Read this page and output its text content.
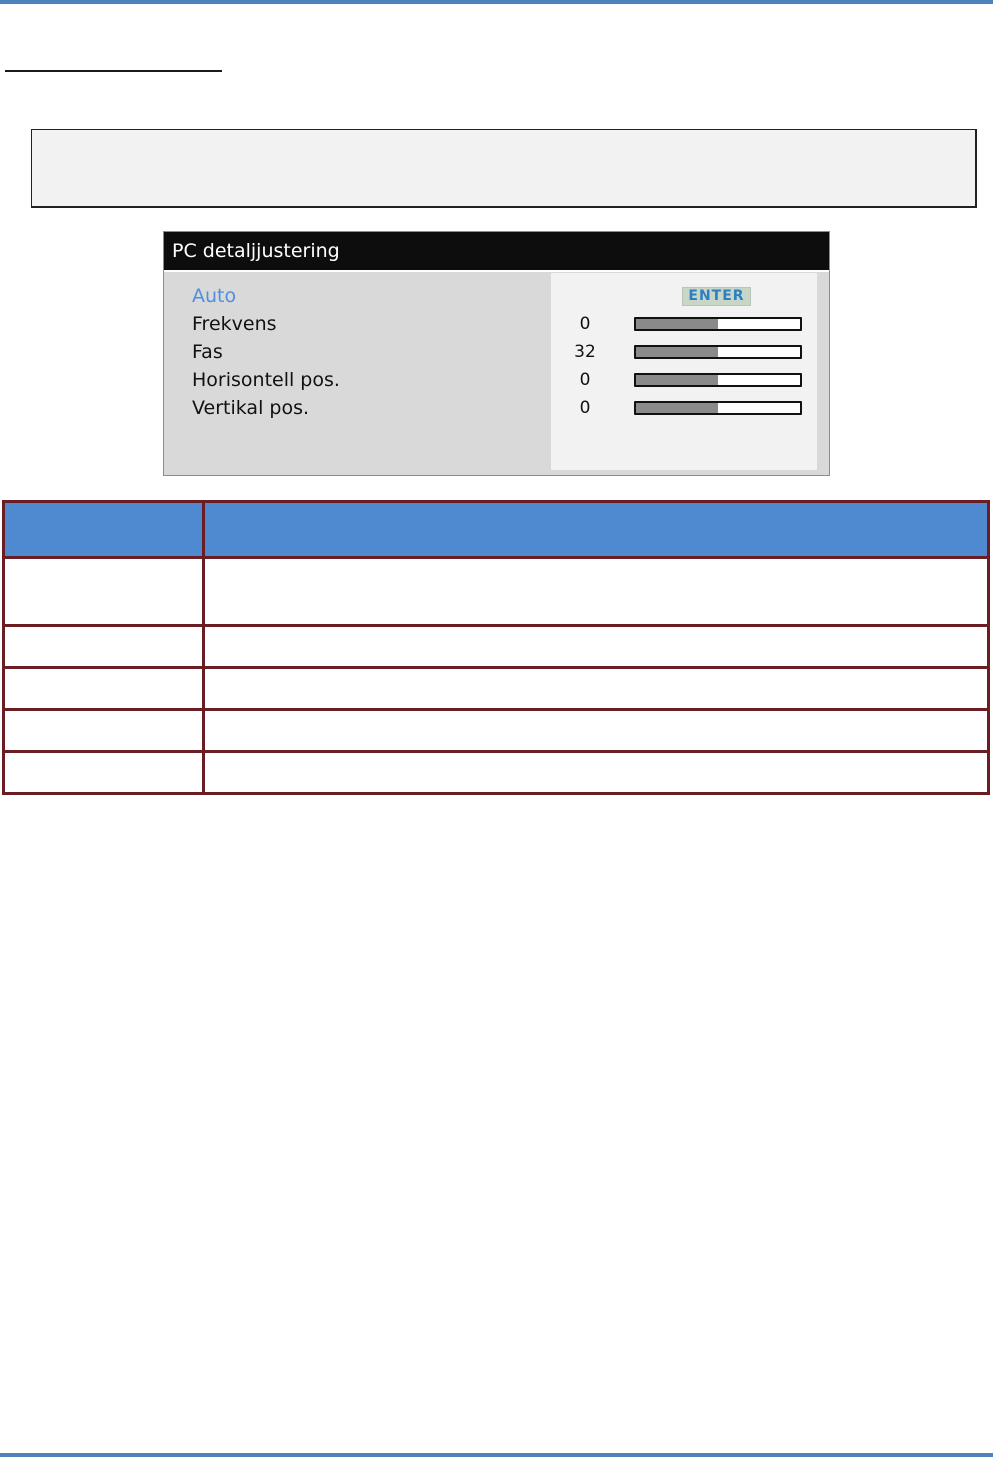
PC detaljjustering
Auto	ENTER
Frekvens	0
Fas	32
Horisontell pos.	0
Vertikal pos.	0
